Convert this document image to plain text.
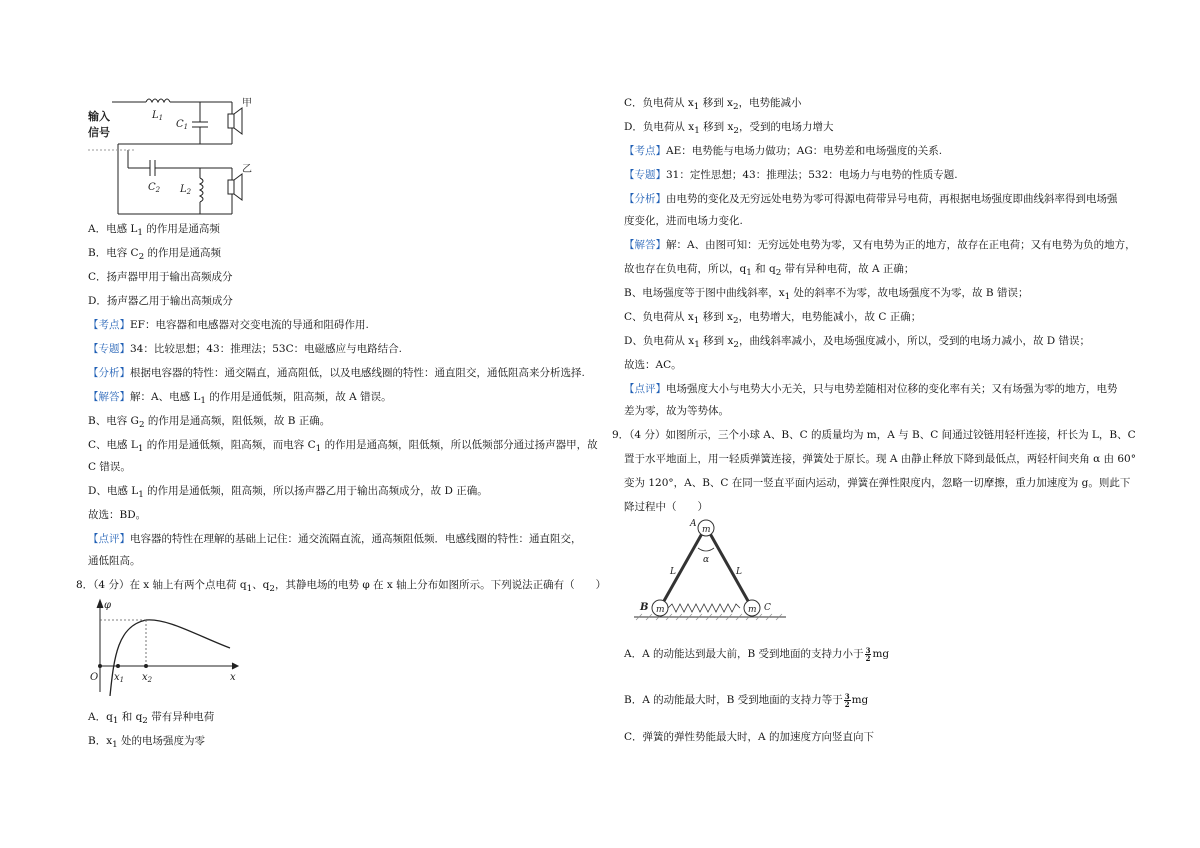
输入
信号
$L_1$
$C_1$
$C_2$ $L_2$
甲
乙
A．电感 $L_1$ 的作用是通高频
B．电容 $C_2$ 的作用是通高频
C．扬声器甲用于输出高频成分
D．扬声器乙用于输出高频成分
【考点】EF：电容器和电感器对交变电流的导通和阻碍作用.
【专题】34：比较思想；43：推理法；53C：电磁感应与电路结合.
【分析】根据电容器的特性：通交隔直，通高阻低，以及电感线圈的特性：通直阻交，通低阻高来分析选择.
【解答】解：A、电感 $L_1$ 的作用是通低频，阻高频，故 A 错误。
B、电容 $G_2$ 的作用是通高频，阻低频，故 B 正确。
C、电感 $L_1$ 的作用是通低频，阻高频，而电容 $C_1$ 的作用是通高频，阻低频，所以低频部分通过扬声器甲，故
C 错误。
D、电感 $L_1$ 的作用是通低频，阻高频，所以扬声器乙用于输出高频成分，故 D 正确。
故选：BD。
【点评】电容器的特性在理解的基础上记住：通交流隔直流，通高频阻低频．电感线圈的特性：通直阻交，
通低阻高。
8．（4 分）在 x 轴上有两个点电荷 $q_1$、$q_2$，其静电场的电势 φ 在 x 轴上分布如图所示。下列说法正确有（　　）
φ
O $x_1$ $x_2$	x
A．$q_1$ 和 $q_2$ 带有异种电荷
B．$x_1$ 处的电场强度为零
C．负电荷从 $x_1$ 移到 $x_2$，电势能减小
D．负电荷从 $x_1$ 移到 $x_2$，受到的电场力增大
【考点】AE：电势能与电场力做功；AG：电势差和电场强度的关系.
【专题】31：定性思想；43：推理法；532：电场力与电势的性质专题.
【分析】由电势的变化及无穷远处电势为零可得源电荷带异号电荷，再根据电场强度即曲线斜率得到电场强
度变化，进而电场力变化.
【解答】解：A、由图可知：无穷远处电势为零，又有电势为正的地方，故存在正电荷；又有电势为负的地方，
故也存在负电荷，所以，$q_1$ 和 $q_2$ 带有异种电荷，故 A 正确；
B、电场强度等于图中曲线斜率，$x_1$ 处的斜率不为零，故电场强度不为零，故 B 错误；
C、负电荷从 $x_1$ 移到 $x_2$，电势增大，电势能减小，故 C 正确；
D、负电荷从 $x_1$ 移到 $x_2$，曲线斜率减小，及电场强度减小，所以，受到的电场力减小，故 D 错误；
故选：AC。
【点评】电场强度大小与电势大小无关，只与电势差随相对位移的变化率有关；又有场强为零的地方，电势
差为零，故为等势体。
9．（4 分）如图所示，三个小球 A、B、C 的质量均为 m，A 与 B、C 间通过铰链用轻杆连接，杆长为 L，B、C
置于水平地面上，用一轻质弹簧连接，弹簧处于原长。现 A 由静止释放下降到最低点，两轻杆间夹角 α 由 60°
变为 120°，A、B、C 在同一竖直平面内运动，弹簧在弹性限度内，忽略一切摩擦，重力加速度为 g。则此下
降过程中（　　）
m
m	m
A
B	C
L	L
α
A．A 的动能达到最大前，B 受到地面的支持力小于 $\frac{3}{2}$ mg
B．A 的动能最大时，B 受到地面的支持力等于 $\frac{3}{2}$ mg
C．弹簧的弹性势能最大时，A 的加速度方向竖直向下
